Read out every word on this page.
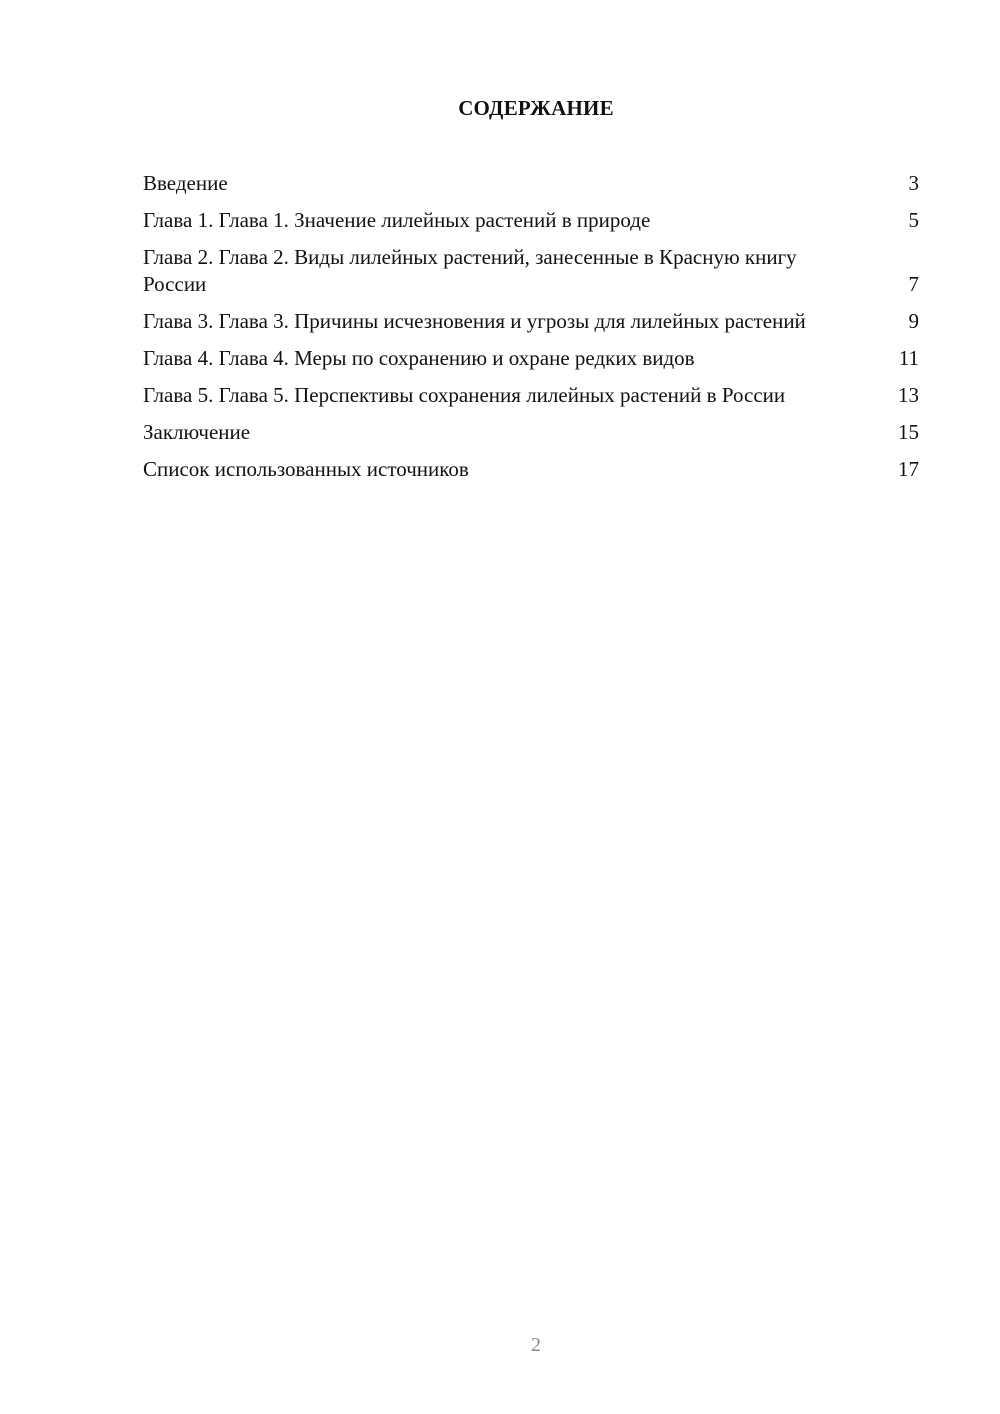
СОДЕРЖАНИЕ
Введение	3
Глава 1. Глава 1. Значение лилейных растений в природе	5
Глава 2. Глава 2. Виды лилейных растений, занесенные в Красную книгу России	7
Глава 3. Глава 3. Причины исчезновения и угрозы для лилейных растений	9
Глава 4. Глава 4. Меры по сохранению и охране редких видов	11
Глава 5. Глава 5. Перспективы сохранения лилейных растений в России	13
Заключение	15
Список использованных источников	17
2
